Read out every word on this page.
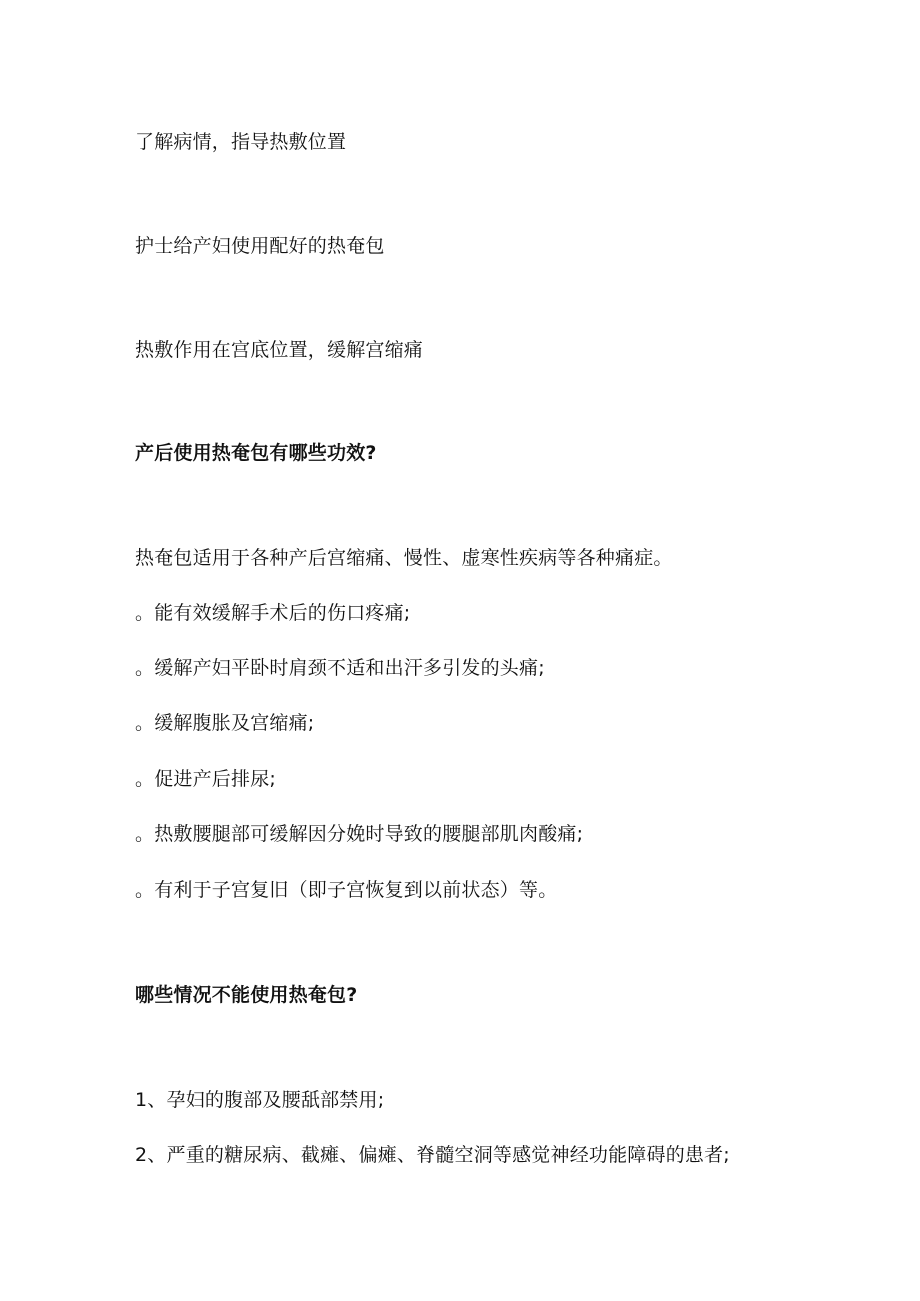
了解病情，指导热敷位置

护士给产妇使用配好的热奄包

热敷作用在宫底位置，缓解宫缩痛

产后使用热奄包有哪些功效?

热奄包适用于各种产后宫缩痛、慢性、虚寒性疾病等各种痛症。

。能有效缓解手术后的伤口疼痛;

。缓解产妇平卧时肩颈不适和出汗多引发的头痛;

。缓解腹胀及宫缩痛;

。促进产后排尿;

。热敷腰腿部可缓解因分娩时导致的腰腿部肌肉酸痛;

。有利于子宫复旧（即子宫恢复到以前状态）等。

哪些情况不能使用热奄包?

1、孕妇的腹部及腰舐部禁用;

2、严重的糖尿病、截瘫、偏瘫、脊髓空洞等感觉神经功能障碍的患者;
